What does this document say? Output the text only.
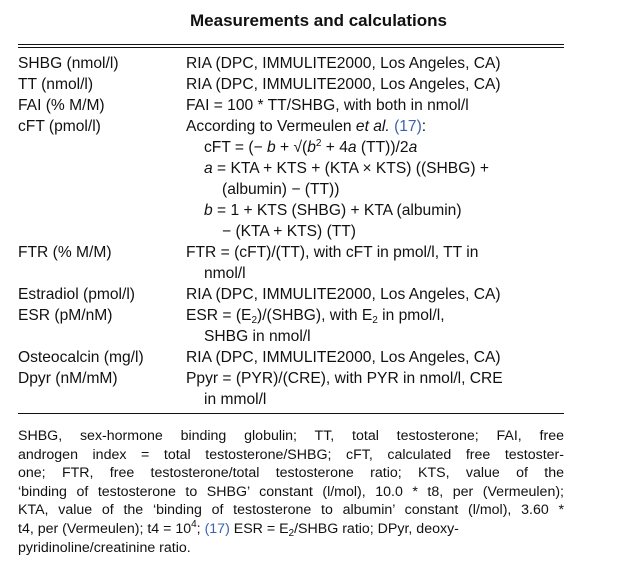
Measurements and calculations
SHBG (nmol/l)	RIA (DPC, IMMULITE2000, Los Angeles, CA)
TT (nmol/l)	RIA (DPC, IMMULITE2000, Los Angeles, CA)
FAI (% M/M)	FAI = 100 * TT/SHBG, with both in nmol/l
cFT (pmol/l)	According to Vermeulen et al. (17):
cFT = (− $b + √(b^2 + 4a$ (TT))/2a
a = KTA + KTS + (KTA × KTS) ((SHBG) +
(albumin) − (TT))
b = 1 + KTS (SHBG) + KTA (albumin)
− (KTA + KTS) (TT)
FTR (% M/M)	FTR = (cFT)/(TT), with cFT in pmol/l, TT in
nmol/l
Estradiol (pmol/l)	RIA (DPC, IMMULITE2000, Los Angeles, CA)
ESR (pM/nM)	ESR = $(E_2)/(SHBG)$, with $E_2$ in pmol/l,
SHBG in nmol/l
Osteocalcin (mg/l)	RIA (DPC, IMMULITE2000, Los Angeles, CA)
Dpyr (nM/mM)	Ppyr = (PYR)/(CRE), with PYR in nmol/l, CRE
in mmol/l
SHBG, sex-hormone binding globulin; TT, total testosterone; FAI, free
androgen index = total testosterone/SHBG; cFT, calculated free testoster-
one; FTR, free testosterone/total testosterone ratio; KTS, value of the
‘binding of testosterone to SHBG’ constant (l/mol), 10.0 * t8, per (Vermeulen);
KTA, value of the ‘binding of testosterone to albumin’ constant (l/mol), 3.60 *
t4, per (Vermeulen); $t4 = 10^4$; (17) ESR = $E_2$/SHBG ratio; DPyr, deoxy-
pyridinoline/creatinine ratio.
